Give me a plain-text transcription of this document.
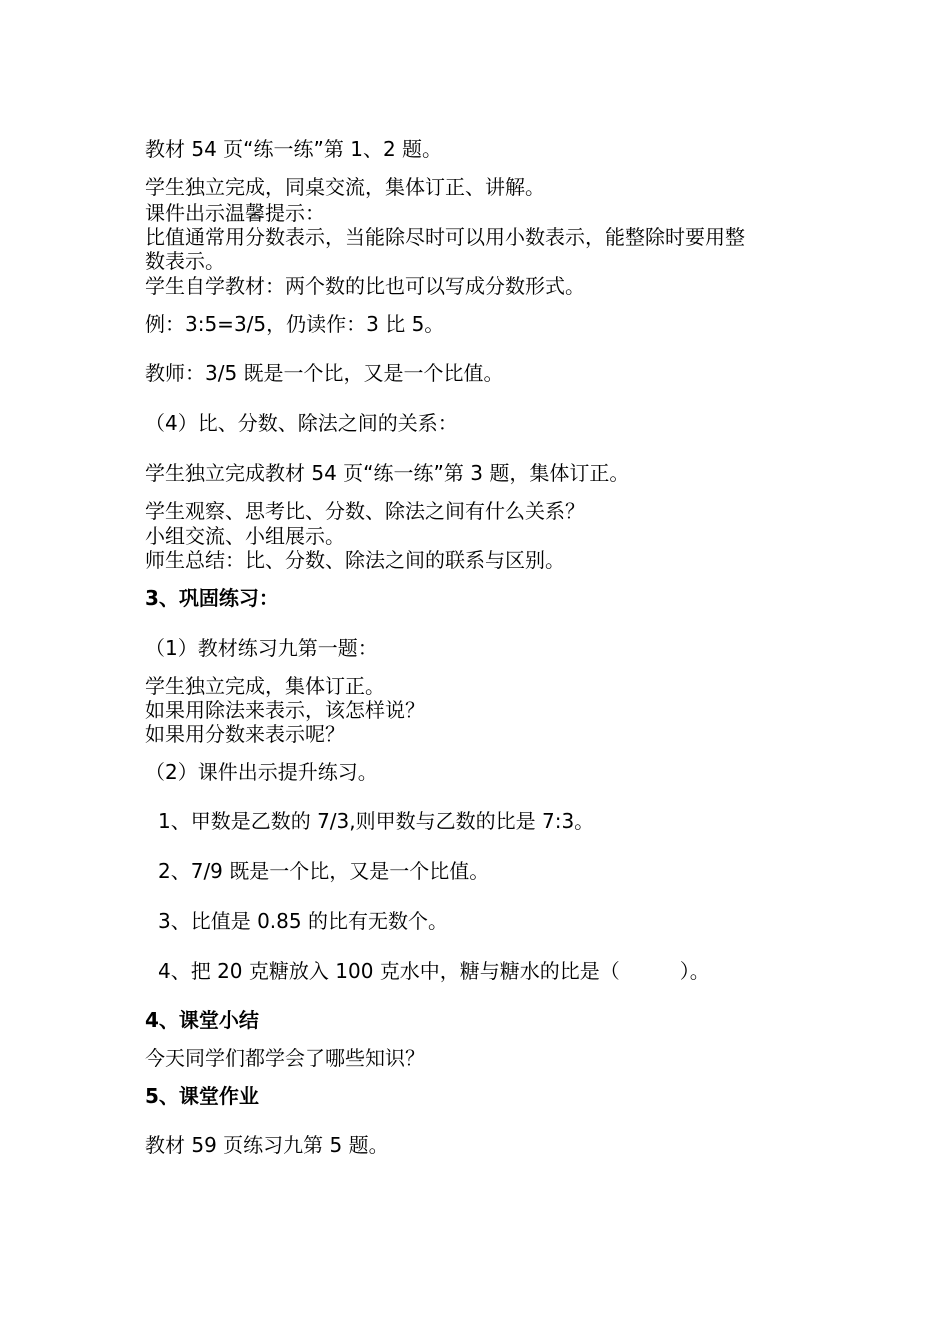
教材 54 页“练一练”第 1、2 题。
学生独立完成，同桌交流，集体订正、讲解。
课件出示温馨提示：
比值通常用分数表示，当能除尽时可以用小数表示，能整除时要用整
数表示。
学生自学教材：两个数的比也可以写成分数形式。
例：3:5=3/5，仍读作：3 比 5。
教师：3/5 既是一个比，又是一个比值。
（4）比、分数、除法之间的关系：
学生独立完成教材 54 页“练一练”第 3 题，集体订正。
学生观察、思考比、分数、除法之间有什么关系？
小组交流、小组展示。
师生总结：比、分数、除法之间的联系与区别。
3、巩固练习：
（1）教材练习九第一题：
学生独立完成，集体订正。
如果用除法来表示，该怎样说？
如果用分数来表示呢？
（2）课件出示提升练习。
1、甲数是乙数的 7/3,则甲数与乙数的比是 7:3。
2、7/9 既是一个比，又是一个比值。
3、比值是 0.85 的比有无数个。
4、把 20 克糖放入 100 克水中，糖与糖水的比是（　　　）。
4、课堂小结
今天同学们都学会了哪些知识？
5、课堂作业
教材 59 页练习九第 5 题。
